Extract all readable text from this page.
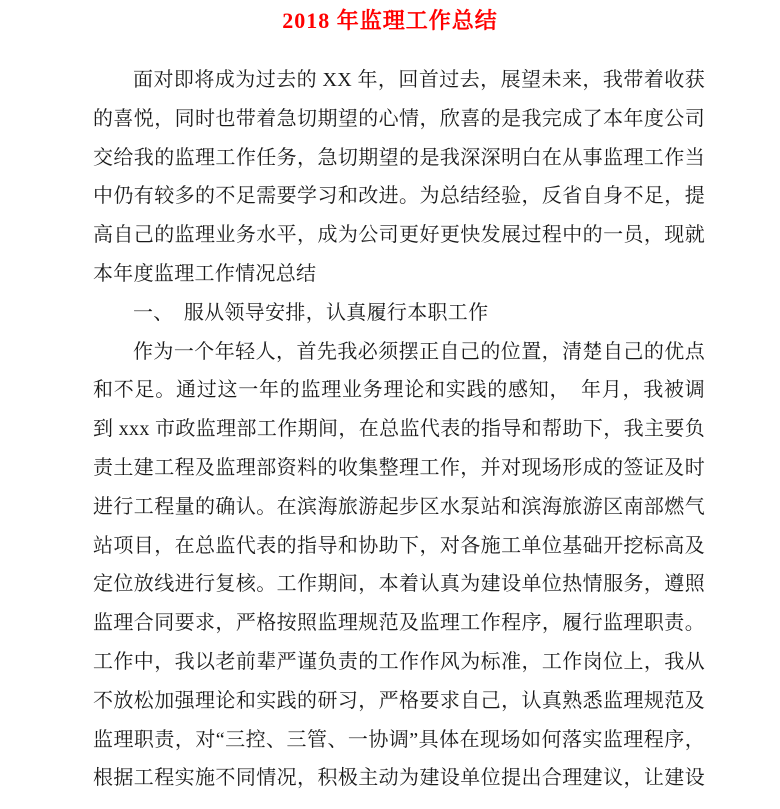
2018 年监理工作总结
面对即将成为过去的 XX 年，回首过去，展望未来，我带着收获
的喜悦，同时也带着急切期望的心情，欣喜的是我完成了本年度公司
交给我的监理工作任务，急切期望的是我深深明白在从事监理工作当
中仍有较多的不足需要学习和改进。为总结经验，反省自身不足，提
高自己的监理业务水平，成为公司更好更快发展过程中的一员，现就
本年度监理工作情况总结
一、　服从领导安排，认真履行本职工作
作为一个年轻人，首先我必须摆正自己的位置，清楚自己的优点
和不足。通过这一年的监理业务理论和实践的感知，　年月，我被调
到 xxx 市政监理部工作期间，在总监代表的指导和帮助下，我主要负
责土建工程及监理部资料的收集整理工作，并对现场形成的签证及时
进行工程量的确认。在滨海旅游起步区水泵站和滨海旅游区南部燃气
站项目，在总监代表的指导和协助下，对各施工单位基础开挖标高及
定位放线进行复核。工作期间，本着认真为建设单位热情服务，遵照
监理合同要求，严格按照监理规范及监理工作程序，履行监理职责。
工作中，我以老前辈严谨负责的工作作风为标准，工作岗位上，我从
不放松加强理论和实践的研习，严格要求自己，认真熟悉监理规范及
监理职责，对“三控、三管、一协调”具体在现场如何落实监理程序，
根据工程实施不同情况，积极主动为建设单位提出合理建议，让建设
